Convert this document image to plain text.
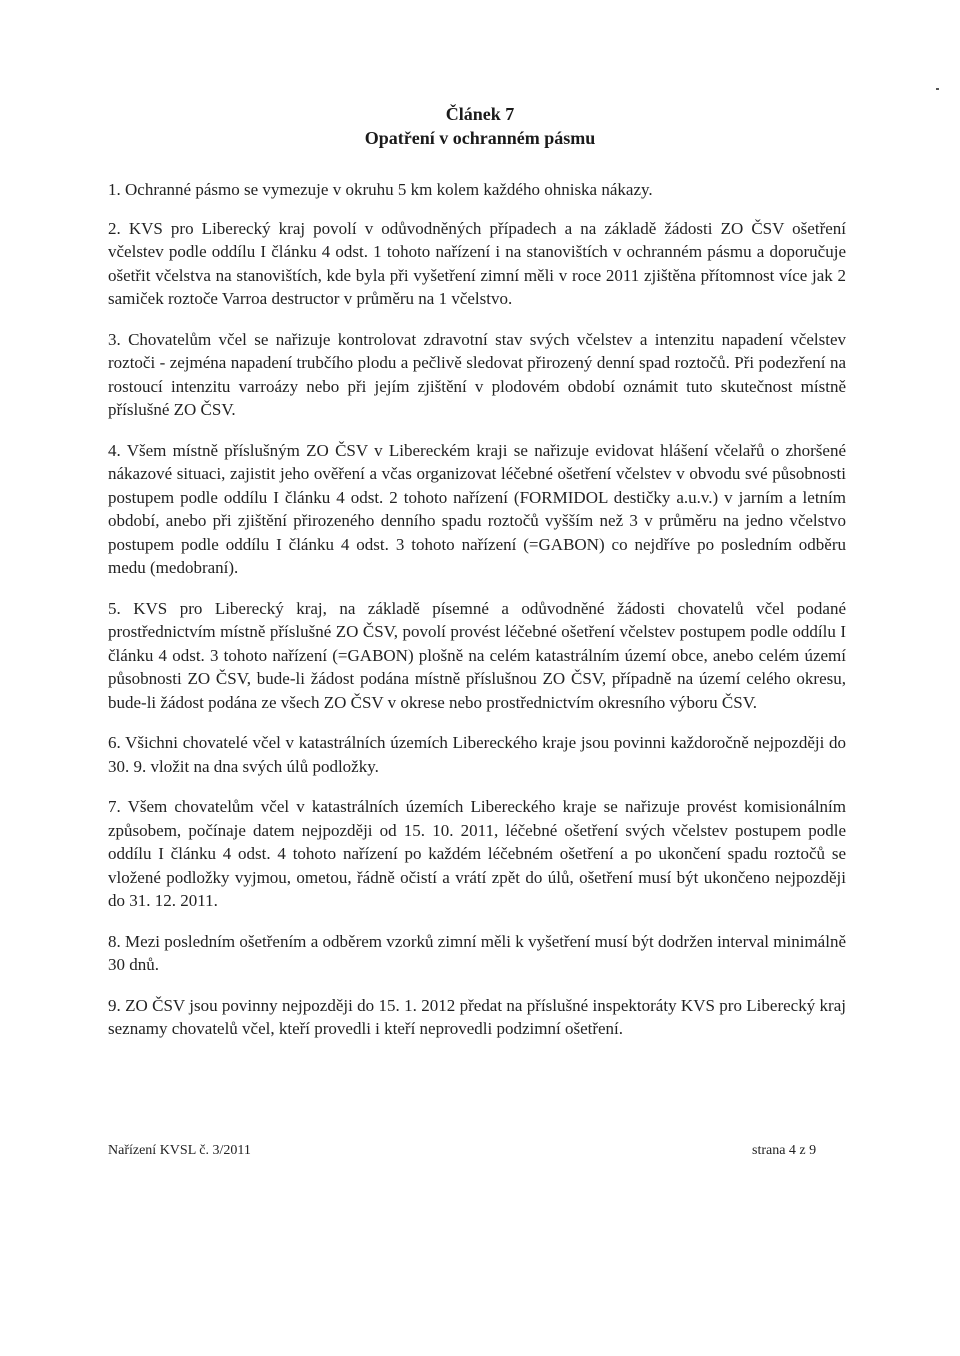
Článek 7
Opatření v ochranném pásmu

1. Ochranné pásmo se vymezuje v okruhu 5 km kolem každého ohniska nákazy.

2. KVS pro Liberecký kraj povolí v odůvodněných případech a na základě žádosti ZO ČSV ošetření včelstev podle oddílu I článku 4 odst. 1 tohoto nařízení i na stanovištích v ochranném pásmu a doporučuje ošetřit včelstva na stanovištích, kde byla při vyšetření zimní měli v roce 2011 zjištěna přítomnost více jak 2 samiček roztoče Varroa destructor v průměru na 1 včelstvo.

3. Chovatelům včel se nařizuje kontrolovat zdravotní stav svých včelstev a intenzitu napadení včelstev roztoči - zejména napadení trubčího plodu a pečlivě sledovat přirozený denní spad roztočů. Při podezření na rostoucí intenzitu varroázy nebo při jejím zjištění v plodovém období oznámit tuto skutečnost místně příslušné ZO ČSV.

4. Všem místně příslušným ZO ČSV v Libereckém kraji se nařizuje evidovat hlášení včelařů o zhoršené nákazové situaci, zajistit jeho ověření a včas organizovat léčebné ošetření včelstev v obvodu své působnosti postupem podle oddílu I článku 4 odst. 2 tohoto nařízení (FORMIDOL destičky a.u.v.) v jarním a letním období, anebo při zjištění přirozeného denního spadu roztočů vyšším než 3 v průměru na jedno včelstvo postupem podle oddílu I článku 4 odst. 3 tohoto nařízení (=GABON) co nejdříve po posledním odběru medu (medobraní).

5. KVS pro Liberecký kraj, na základě písemné a odůvodněné žádosti chovatelů včel podané prostřednictvím místně příslušné ZO ČSV, povolí provést léčebné ošetření včelstev postupem podle oddílu I článku 4 odst. 3 tohoto nařízení (=GABON) plošně na celém katastrálním území obce, anebo celém území působnosti ZO ČSV, bude-li žádost podána místně příslušnou ZO ČSV, případně na území celého okresu, bude-li žádost podána ze všech ZO ČSV v okrese nebo prostřednictvím okresního výboru ČSV.

6. Všichni chovatelé včel v katastrálních územích Libereckého kraje jsou povinni každoročně nejpozději do 30. 9. vložit na dna svých úlů podložky.

7. Všem chovatelům včel v katastrálních územích Libereckého kraje se nařizuje provést komisionálním způsobem, počínaje datem nejpozději od 15. 10. 2011, léčebné ošetření svých včelstev postupem podle oddílu I článku 4 odst. 4 tohoto nařízení po každém léčebném ošetření a po ukončení spadu roztočů se vložené podložky vyjmou, ometou, řádně očistí a vrátí zpět do úlů, ošetření musí být ukončeno nejpozději do 31. 12. 2011.

8. Mezi posledním ošetřením a odběrem vzorků zimní měli k vyšetření musí být dodržen interval minimálně 30 dnů.

9. ZO ČSV jsou povinny nejpozději do 15. 1. 2012 předat na příslušné inspektoráty KVS pro Liberecký kraj seznamy chovatelů včel, kteří provedli i kteří neprovedli podzimní ošetření.

Nařízení KVSL č. 3/2011	strana 4 z 9
